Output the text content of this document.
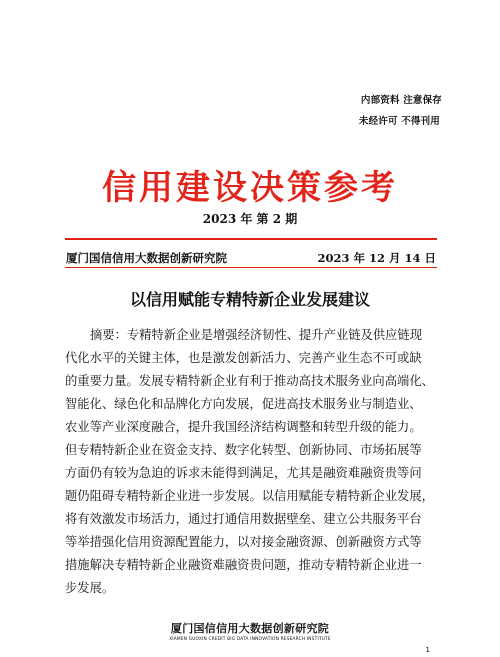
内部资料 注意保存
未经许可 不得刊用
信用建设决策参考
2023 年 第 2 期
厦门国信信用大数据创新研究院	2023 年 12 月 14 日
以信用赋能专精特新企业发展建议
摘要：专精特新企业是增强经济韧性、提升产业链及供应链现
代化水平的关键主体，也是激发创新活力、完善产业生态不可或缺
的重要力量。发展专精特新企业有利于推动高技术服务业向高端化、
智能化、绿色化和品牌化方向发展，促进高技术服务业与制造业、
农业等产业深度融合，提升我国经济结构调整和转型升级的能力。
但专精特新企业在资金支持、数字化转型、创新协同、市场拓展等
方面仍有较为急迫的诉求未能得到满足，尤其是融资难融资贵等问
题仍阻碍专精特新企业进一步发展。以信用赋能专精特新企业发展，
将有效激发市场活力，通过打通信用数据壁垒、建立公共服务平台
等举措强化信用资源配置能力，以对接金融资源、创新融资方式等
措施解决专精特新企业融资难融资贵问题，推动专精特新企业进一
步发展。
厦门国信信用大数据创新研究院
XIAMEN GUOXIN CREDIT BIG DATA INNOVATION RESEARCH INSTITUTE
1
